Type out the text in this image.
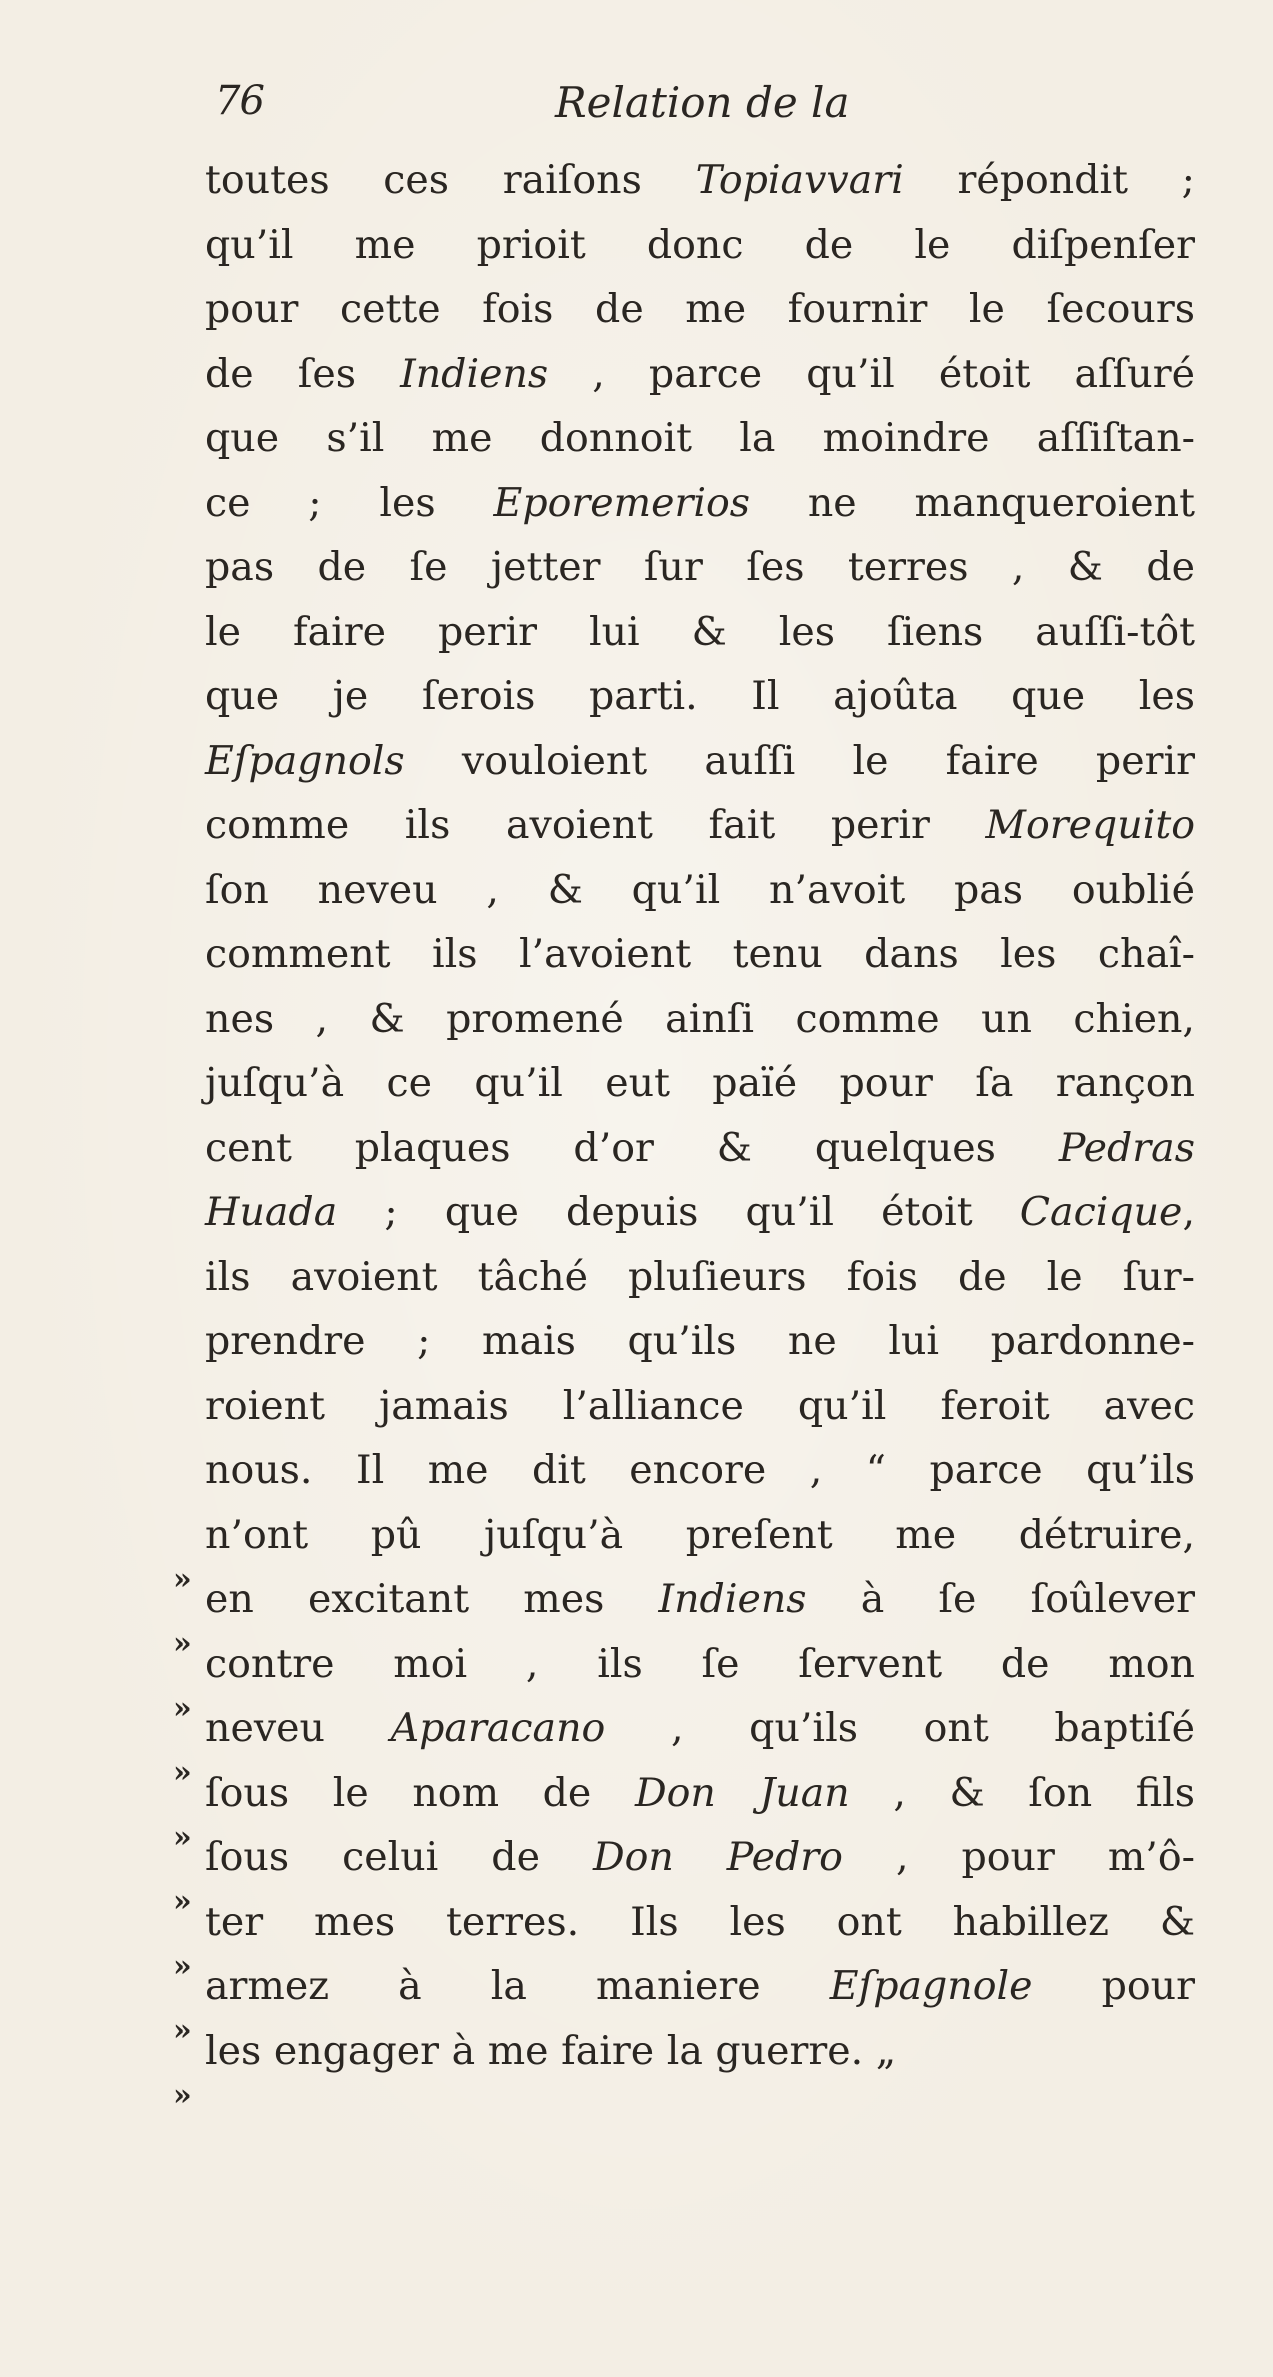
76	Relation de la
toutes ces raiſons Topiavvari répondit ;
qu’il me prioit donc de le diſpenſer
pour cette fois de me fournir le ſecours
de ſes Indiens , parce qu’il étoit aſſuré
que s’il me donnoit la moindre aſſiſtan-
ce ; les Eporemerios ne manqueroient
pas de ſe jetter ſur ſes terres , & de
le faire perir lui & les ſiens auſſi-tôt
que je ſerois parti. Il ajoûta que les
Eſpagnols vouloient auſſi le faire perir
comme ils avoient fait perir Morequito
ſon neveu , & qu’il n’avoit pas oublié
comment ils l’avoient tenu dans les chaî-
nes , & promené ainſi comme un chien,
juſqu’à ce qu’il eut païé pour ſa rançon
cent plaques d’or & quelques Pedras
Huada ; que depuis qu’il étoit Cacique,
ils avoient tâché pluſieurs fois de le ſur-
prendre ; mais qu’ils ne lui pardonne-
roient jamais l’alliance qu’il feroit avec
nous. Il me dit encore , “ parce qu’ils
»
n’ont pû juſqu’à preſent me détruire,
»
en excitant mes Indiens à ſe ſoûlever
»
contre moi , ils ſe ſervent de mon
»
neveu Aparacano , qu’ils ont baptiſé
»
ſous le nom de Don Juan , & ſon fils
»
ſous celui de Don Pedro , pour m’ô-
»
ter mes terres. Ils les ont habillez &
»
armez à la maniere Eſpagnole pour
»
les engager à me faire la guerre. „
